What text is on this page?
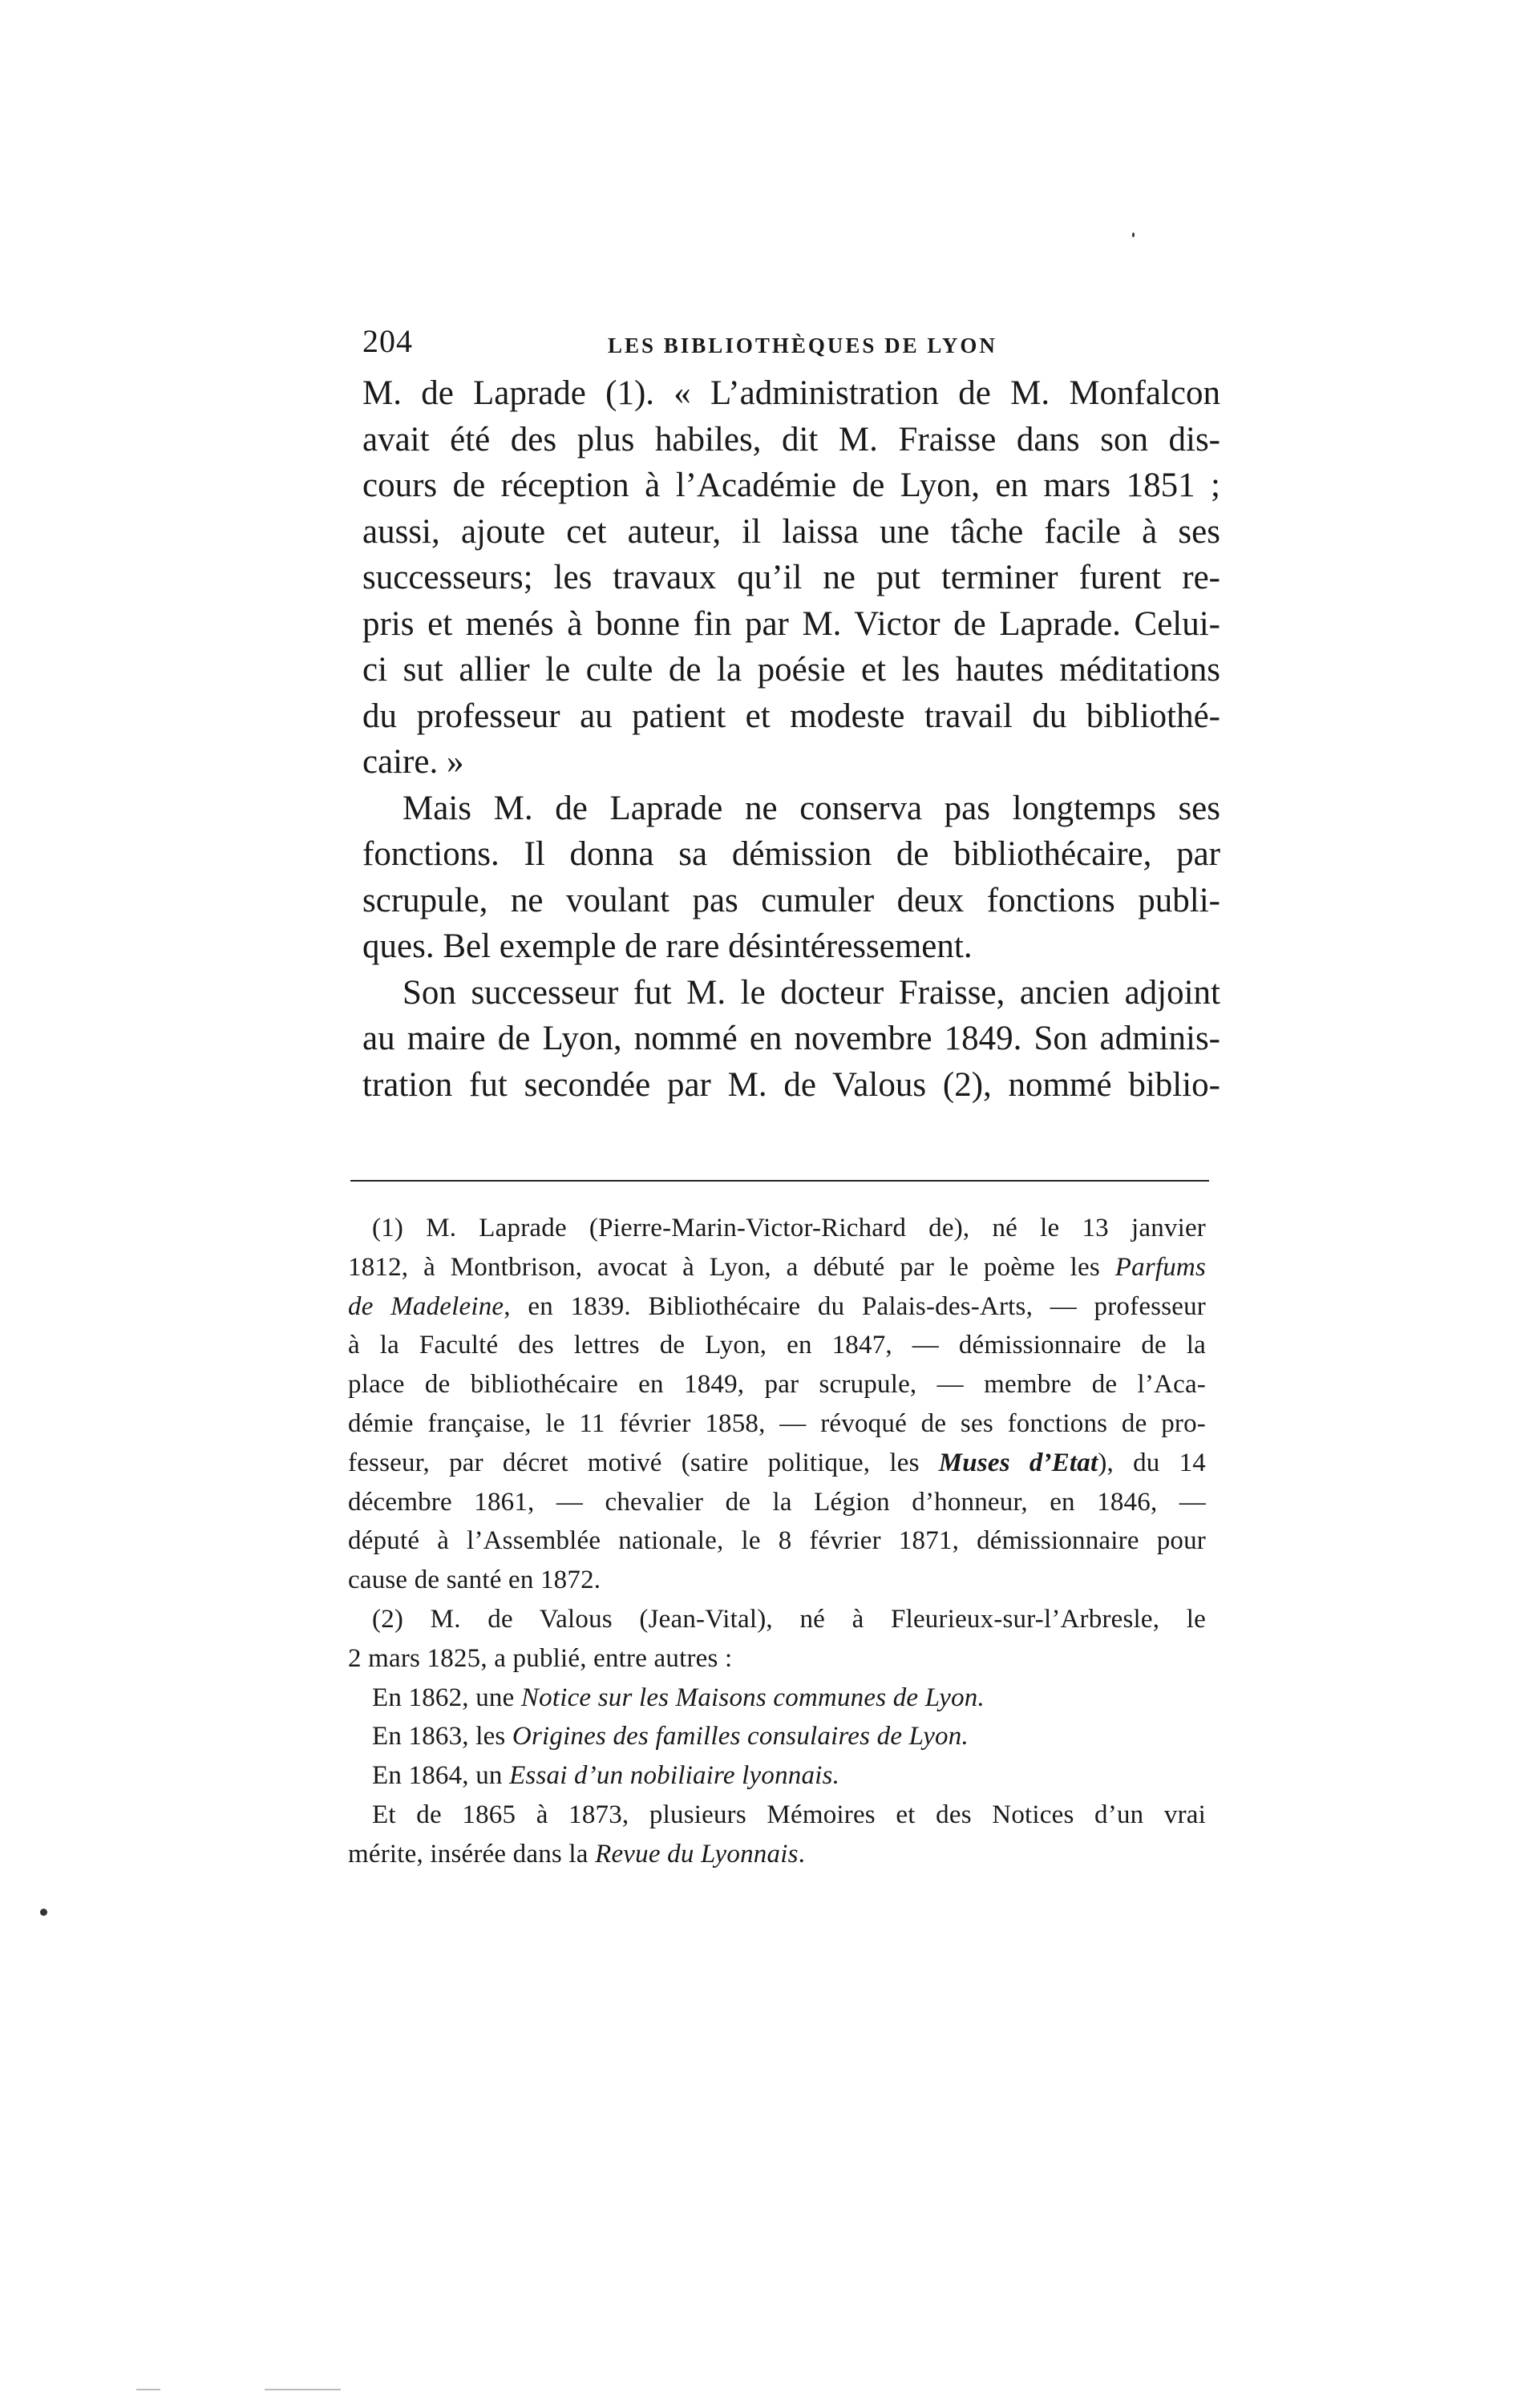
204	LES BIBLIOTHÈQUES DE LYON
M. de Laprade (1). « L’administration de M. Monfalcon
avait été des plus habiles, dit M. Fraisse dans son dis-
cours de réception à l’Académie de Lyon, en mars 1851 ;
aussi, ajoute cet auteur, il laissa une tâche facile à ses
successeurs; les travaux qu’il ne put terminer furent re-
pris et menés à bonne fin par M. Victor de Laprade. Celui-
ci sut allier le culte de la poésie et les hautes méditations
du professeur au patient et modeste travail du bibliothé-
caire. »
Mais M. de Laprade ne conserva pas longtemps ses
fonctions. Il donna sa démission de bibliothécaire, par
scrupule, ne voulant pas cumuler deux fonctions publi-
ques. Bel exemple de rare désintéressement.
Son successeur fut M. le docteur Fraisse, ancien adjoint
au maire de Lyon, nommé en novembre 1849. Son adminis-
tration fut secondée par M. de Valous (2), nommé biblio-
(1) M. Laprade (Pierre-Marin-Victor-Richard de), né le 13 janvier
1812, à Montbrison, avocat à Lyon, a débuté par le poème les Parfums
de Madeleine, en 1839. Bibliothécaire du Palais-des-Arts, — professeur
à la Faculté des lettres de Lyon, en 1847, — démissionnaire de la
place de bibliothécaire en 1849, par scrupule, — membre de l’Aca-
démie française, le 11 février 1858, — révoqué de ses fonctions de pro-
fesseur, par décret motivé (satire politique, les Muses d’Etat), du 14
décembre 1861, — chevalier de la Légion d’honneur, en 1846, —
député à l’Assemblée nationale, le 8 février 1871, démissionnaire pour
cause de santé en 1872.
(2) M. de Valous (Jean-Vital), né à Fleurieux-sur-l’Arbresle, le
2 mars 1825, a publié, entre autres :
En 1862, une Notice sur les Maisons communes de Lyon.
En 1863, les Origines des familles consulaires de Lyon.
En 1864, un Essai d’un nobiliaire lyonnais.
Et de 1865 à 1873, plusieurs Mémoires et des Notices d’un vrai
mérite, insérée dans la Revue du Lyonnais.
